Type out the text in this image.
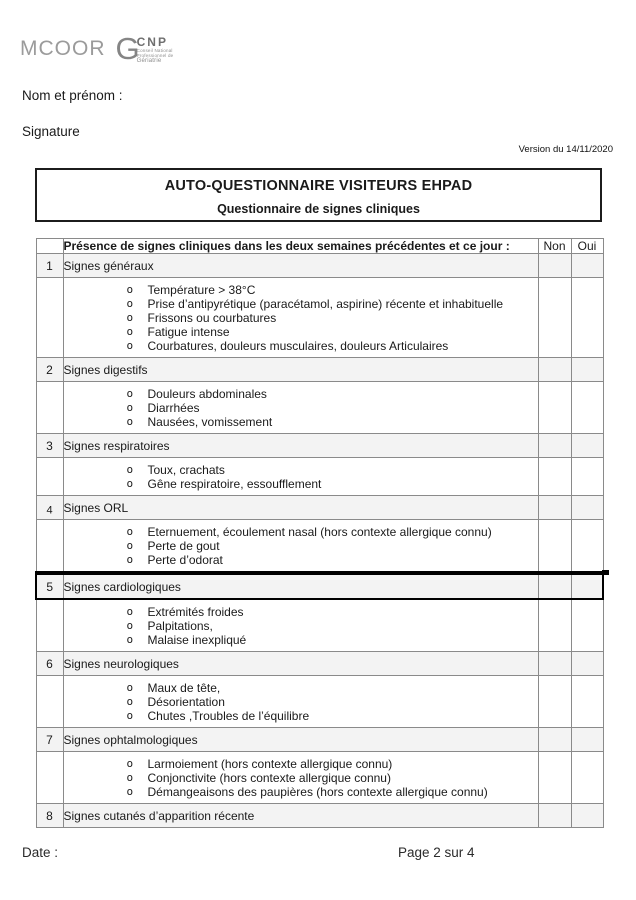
MCOOR G
CNP
Conseil National
Professionnel de
Gériatrie
Nom et prénom :
Signature
Version du 14/11/2020
AUTO-QUESTIONNAIRE VISITEURS EHPAD
Questionnaire de signes cliniques
	Présence de signes cliniques dans les deux semaines précédentes et ce jour :	Non	Oui
1	Signes généraux		

o	Température > 38°C
o	Prise d’antipyrétique (paracétamol, aspirine) récente et inhabituelle
o	Frissons ou courbatures
o	Fatigue intense
o	Courbatures, douleurs musculaires, douleurs Articulaires

2	Signes digestifs		

o	Douleurs abdominales
o	Diarrhées
o	Nausées, vomissement

3	Signes respiratoires		

	o Toux, crachats
o Gêne respiratoire, essoufflement		

4	Signes ORL		

o	Eternuement, écoulement nasal (hors contexte allergique connu)
o	Perte de gout
o	Perte d’odorat

5	Signes cardiologiques		

o	Extrémités froides
o	Palpitations,
o	Malaise inexpliqué

6	Signes neurologiques		

o	Maux de tête,
o	Désorientation
o	Chutes ,Troubles de l’équilibre

7	Signes ophtalmologiques		

o	Larmoiement (hors contexte allergique connu)
o	Conjonctivite (hors contexte allergique connu)
o	Démangeaisons des paupières (hors contexte allergique connu)

8	Signes cutanés d’apparition récente		
Date :	Page 2 sur 4
